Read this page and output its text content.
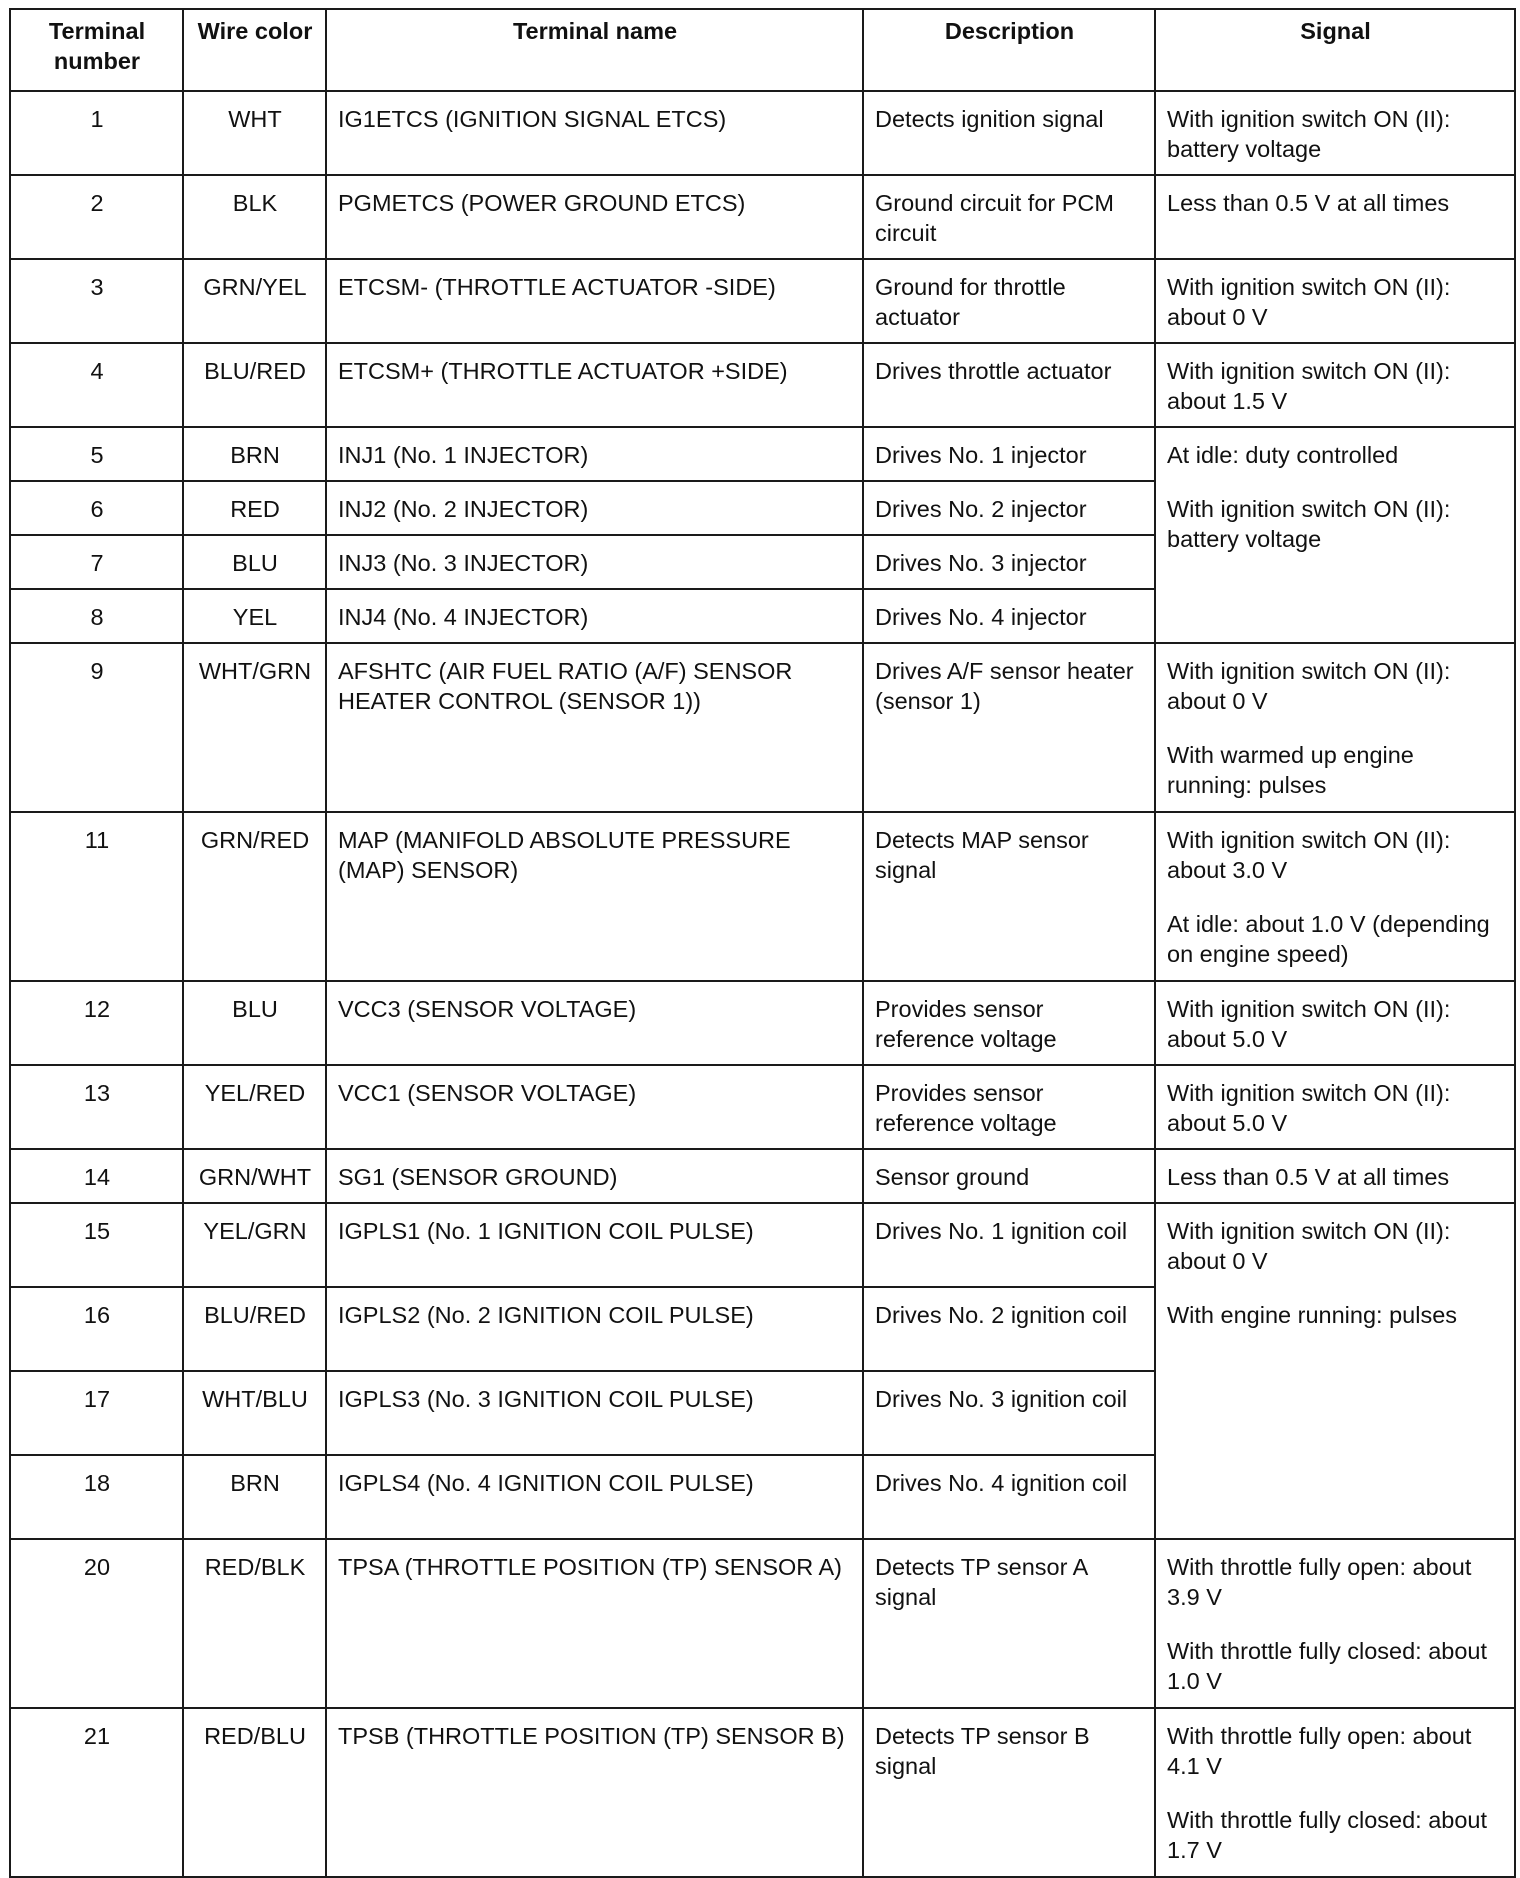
Terminal number	Wire color	Terminal name	Description	Signal
1	WHT	IG1ETCS (IGNITION SIGNAL ETCS)	Detects ignition signal	With ignition switch ON (II): battery voltage

2	BLK	PGMETCS (POWER GROUND ETCS)	Ground circuit for PCM circuit	Less than 0.5 V at all times

3	GRN/YEL	ETCSM- (THROTTLE ACTUATOR -SIDE)	Ground for throttle actuator	With ignition switch ON (II): about 0 V

4	BLU/RED	ETCSM+ (THROTTLE ACTUATOR +SIDE)	Drives throttle actuator	With ignition switch ON (II): about 1.5 V

5	BRN	INJ1 (No. 1 INJECTOR)	Drives No. 1 injector	At idle: duty controlled
With ignition switch ON (II): battery voltage

6	RED	INJ2 (No. 2 INJECTOR)	Drives No. 2 injector	
7	BLU	INJ3 (No. 3 INJECTOR)	Drives No. 3 injector	
8	YEL	INJ4 (No. 4 INJECTOR)	Drives No. 4 injector	
9	WHT/GRN	AFSHTC (AIR FUEL RATIO (A/F) SENSOR HEATER CONTROL (SENSOR 1))	Drives A/F sensor heater (sensor 1)	With ignition switch ON (II): about 0 V
With warmed up engine running: pulses

11	GRN/RED	MAP (MANIFOLD ABSOLUTE PRESSURE (MAP) SENSOR)	Detects MAP sensor signal	With ignition switch ON (II): about 3.0 V
At idle: about 1.0 V (depending on engine speed)

12	BLU	VCC3 (SENSOR VOLTAGE)	Provides sensor reference voltage	With ignition switch ON (II): about 5.0 V

13	YEL/RED	VCC1 (SENSOR VOLTAGE)	Provides sensor reference voltage	With ignition switch ON (II): about 5.0 V

14	GRN/WHT	SG1 (SENSOR GROUND)	Sensor ground	Less than 0.5 V at all times

15	YEL/GRN	IGPLS1 (No. 1 IGNITION COIL PULSE)	Drives No. 1 ignition coil	With ignition switch ON (II): about 0 V
With engine running: pulses

16	BLU/RED	IGPLS2 (No. 2 IGNITION COIL PULSE)	Drives No. 2 ignition coil	
17	WHT/BLU	IGPLS3 (No. 3 IGNITION COIL PULSE)	Drives No. 3 ignition coil	
18	BRN	IGPLS4 (No. 4 IGNITION COIL PULSE)	Drives No. 4 ignition coil	
20	RED/BLK	TPSA (THROTTLE POSITION (TP) SENSOR A)	Detects TP sensor A signal	With throttle fully open: about 3.9 V
With throttle fully closed: about 1.0 V

21	RED/BLU	TPSB (THROTTLE POSITION (TP) SENSOR B)	Detects TP sensor B signal	With throttle fully open: about 4.1 V
With throttle fully closed: about 1.7 V
